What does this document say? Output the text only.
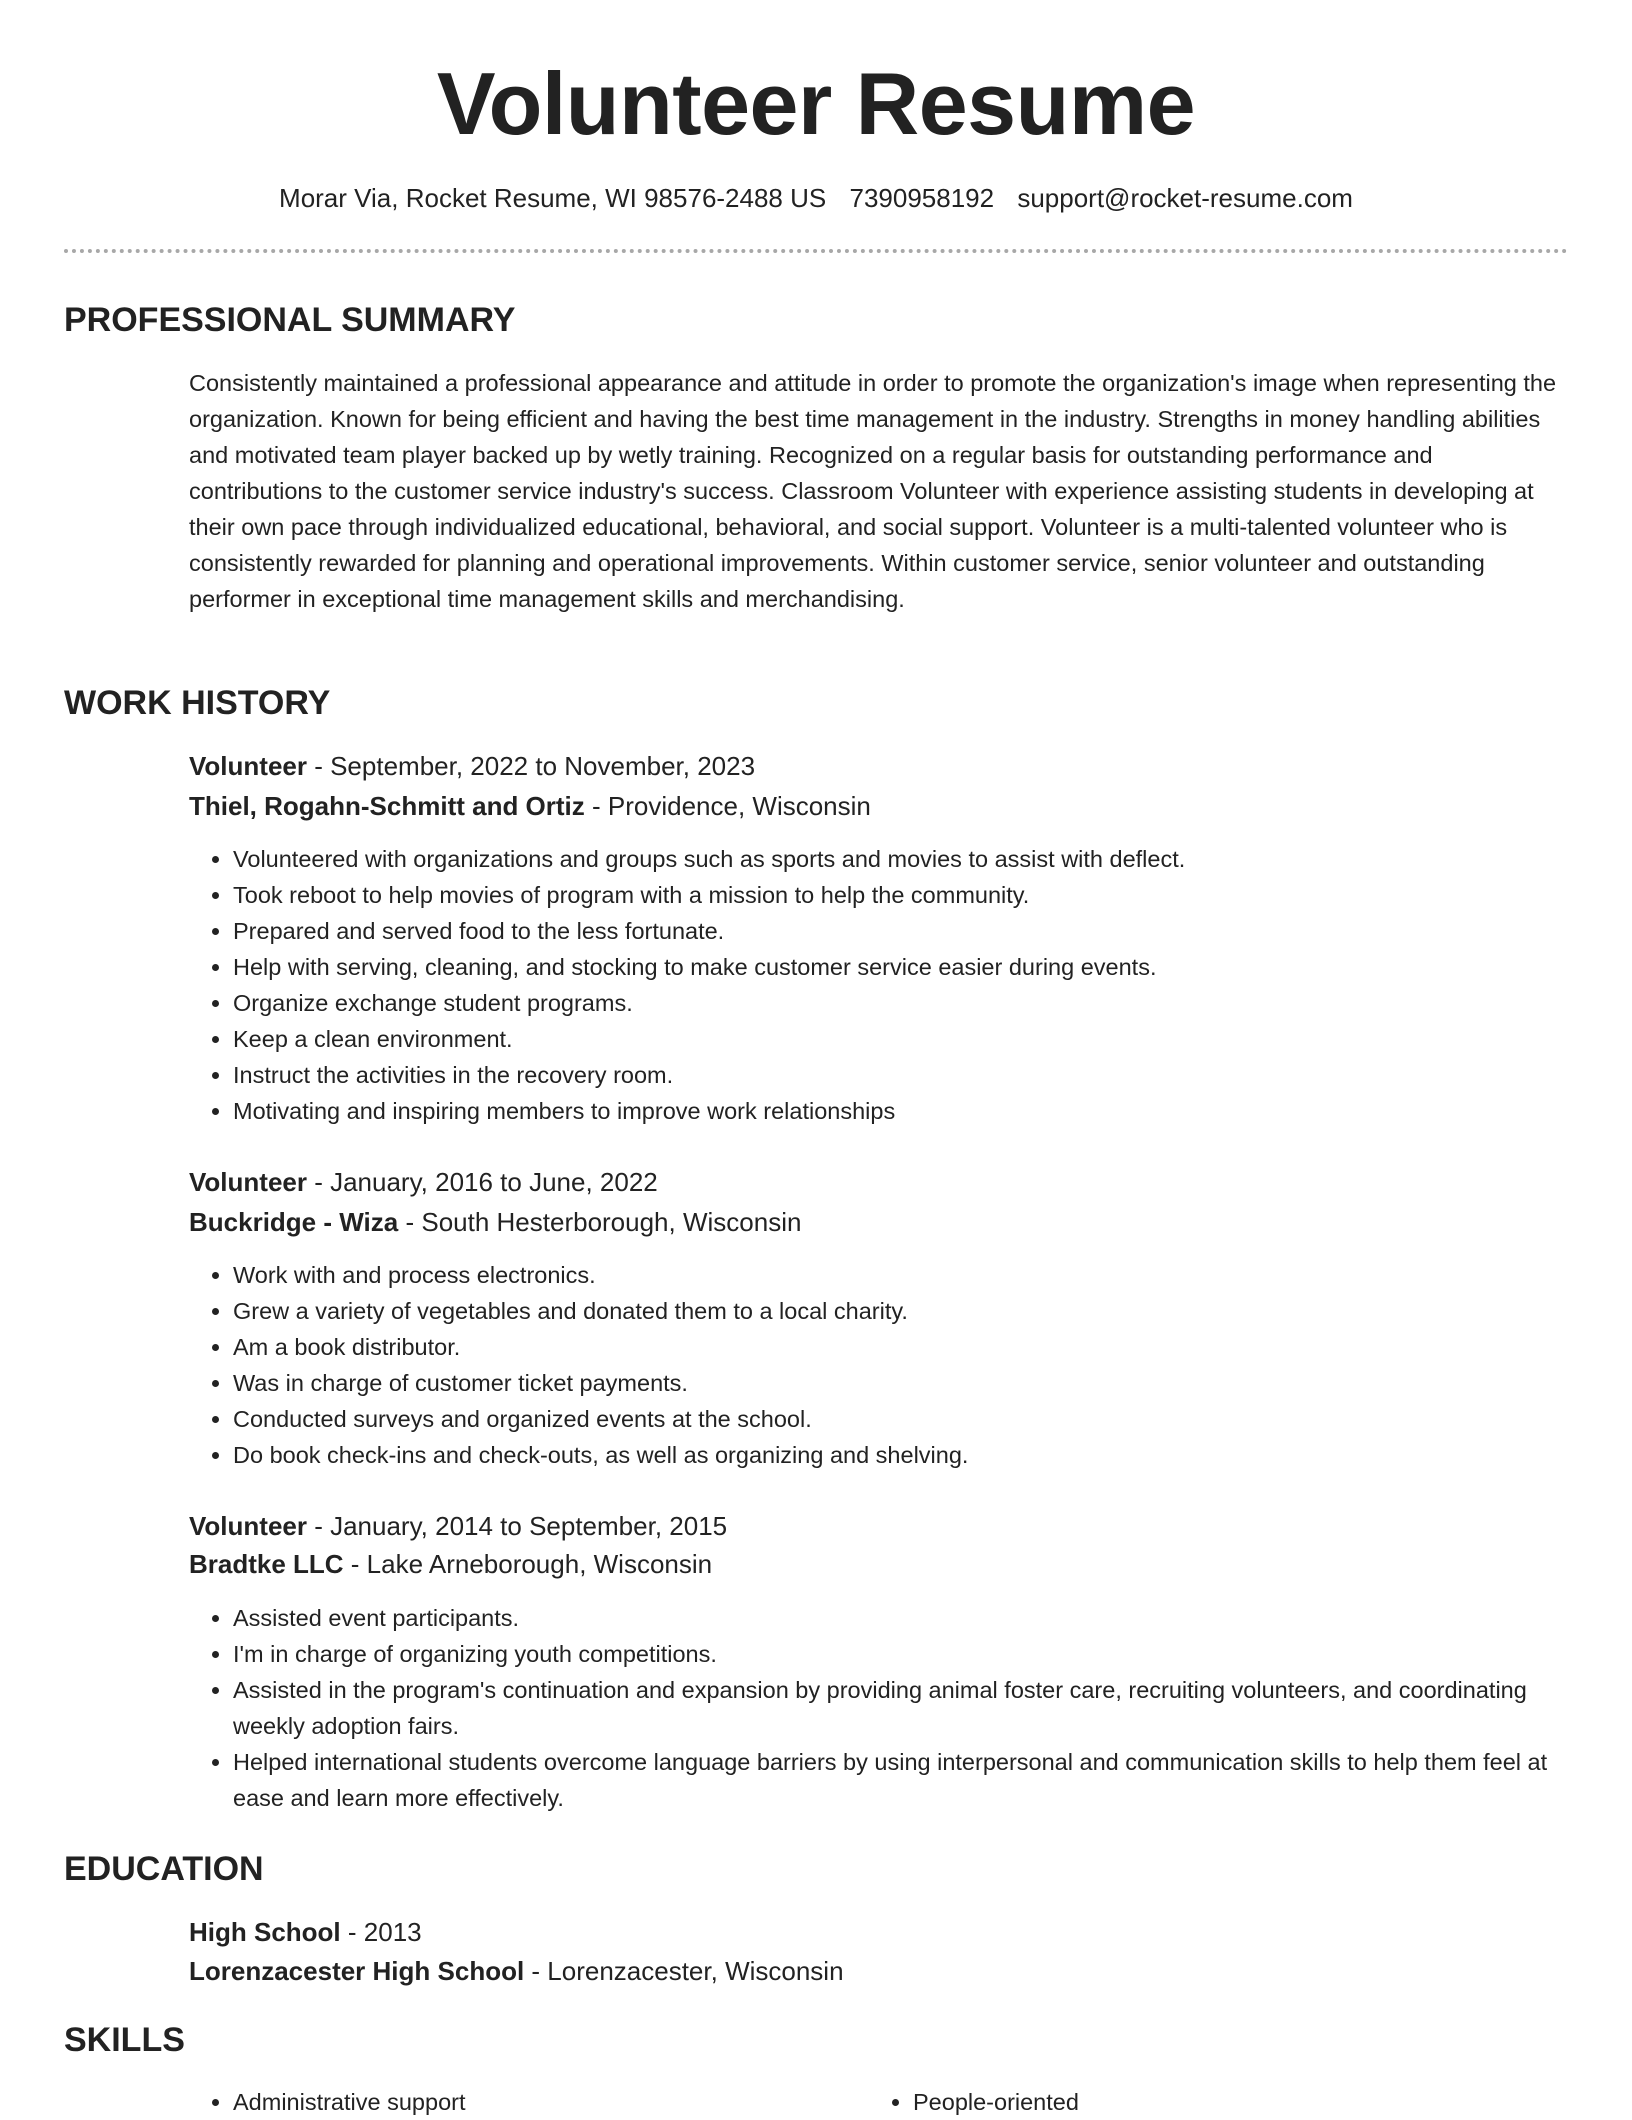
Volunteer Resume
Morar Via, Rocket Resume, WI 98576-2488 US 7390958192 support@rocket-resume.com
PROFESSIONAL SUMMARY
Consistently maintained a professional appearance and attitude in order to promote the organization's image when representing the organization. Known for being efficient and having the best time management in the industry. Strengths in money handling abilities and motivated team player backed up by wetly training. Recognized on a regular basis for outstanding performance and contributions to the customer service industry's success. Classroom Volunteer with experience assisting students in developing at their own pace through individualized educational, behavioral, and social support. Volunteer is a multi-talented volunteer who is consistently rewarded for planning and operational improvements. Within customer service, senior volunteer and outstanding performer in exceptional time management skills and merchandising.
WORK HISTORY
Volunteer - September, 2022 to November, 2023
Thiel, Rogahn-Schmitt and Ortiz - Providence, Wisconsin
• Volunteered with organizations and groups such as sports and movies to assist with deflect.
• Took reboot to help movies of program with a mission to help the community.
• Prepared and served food to the less fortunate.
• Help with serving, cleaning, and stocking to make customer service easier during events.
• Organize exchange student programs.
• Keep a clean environment.
• Instruct the activities in the recovery room.
• Motivating and inspiring members to improve work relationships
Volunteer - January, 2016 to June, 2022
Buckridge - Wiza - South Hesterborough, Wisconsin
• Work with and process electronics.
• Grew a variety of vegetables and donated them to a local charity.
• Am a book distributor.
• Was in charge of customer ticket payments.
• Conducted surveys and organized events at the school.
• Do book check-ins and check-outs, as well as organizing and shelving.
Volunteer - January, 2014 to September, 2015
Bradtke LLC - Lake Arneborough, Wisconsin
• Assisted event participants.
• I'm in charge of organizing youth competitions.
• Assisted in the program's continuation and expansion by providing animal foster care, recruiting volunteers, and coordinating weekly adoption fairs.
• Helped international students overcome language barriers by using interpersonal and communication skills to help them feel at ease and learn more effectively.
EDUCATION
High School - 2013
Lorenzacester High School - Lorenzacester, Wisconsin
SKILLS
• Administrative support
•	People-oriented
